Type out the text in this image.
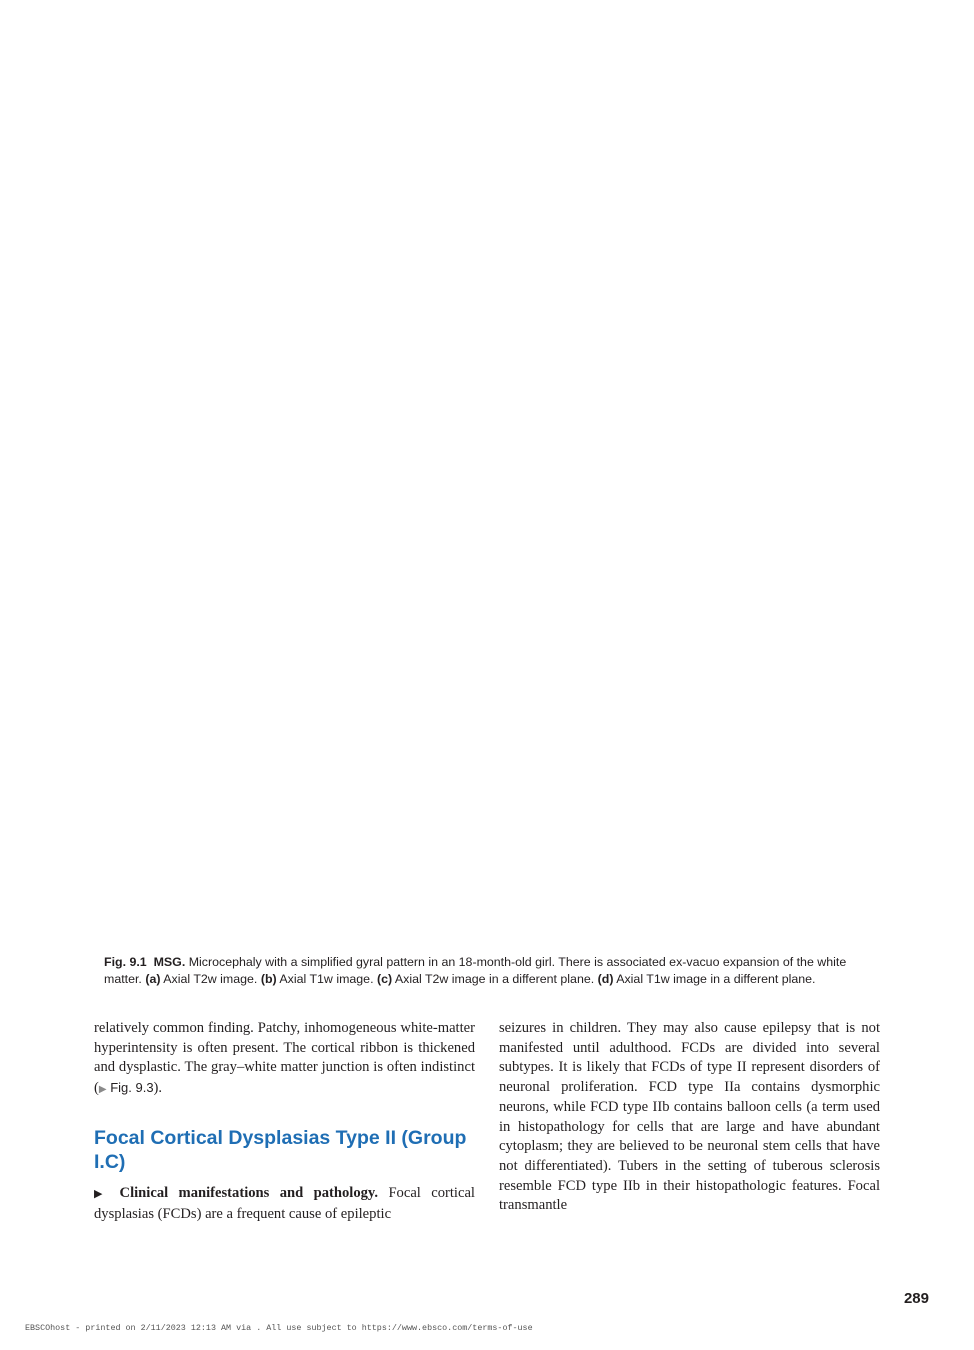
Fig. 9.1 MSG. Microcephaly with a simplified gyral pattern in an 18-month-old girl. There is associated ex-vacuo expansion of the white matter. (a) Axial T2w image. (b) Axial T1w image. (c) Axial T2w image in a different plane. (d) Axial T1w image in a different plane.

relatively common finding. Patchy, inhomogeneous white-matter hyperintensity is often present. The cortical ribbon is thickened and dysplastic. The gray–white matter junction is often indistinct (▶ Fig. 9.3).

Focal Cortical Dysplasias Type II (Group I.C)

▶ Clinical manifestations and pathology. Focal cortical dysplasias (FCDs) are a frequent cause of epileptic

seizures in children. They may also cause epilepsy that is not manifested until adulthood. FCDs are divided into several subtypes. It is likely that FCDs of type II represent disorders of neuronal proliferation. FCD type IIa contains dysmorphic neurons, while FCD type IIb contains balloon cells (a term used in histopathology for cells that are large and have abundant cytoplasm; they are believed to be neuronal stem cells that have not differentiated). Tubers in the setting of tuberous sclerosis resemble FCD type IIb in their histopathologic features. Focal transmantle

289
EBSCOhost - printed on 2/11/2023 12:13 AM via . All use subject to https://www.ebsco.com/terms-of-use
